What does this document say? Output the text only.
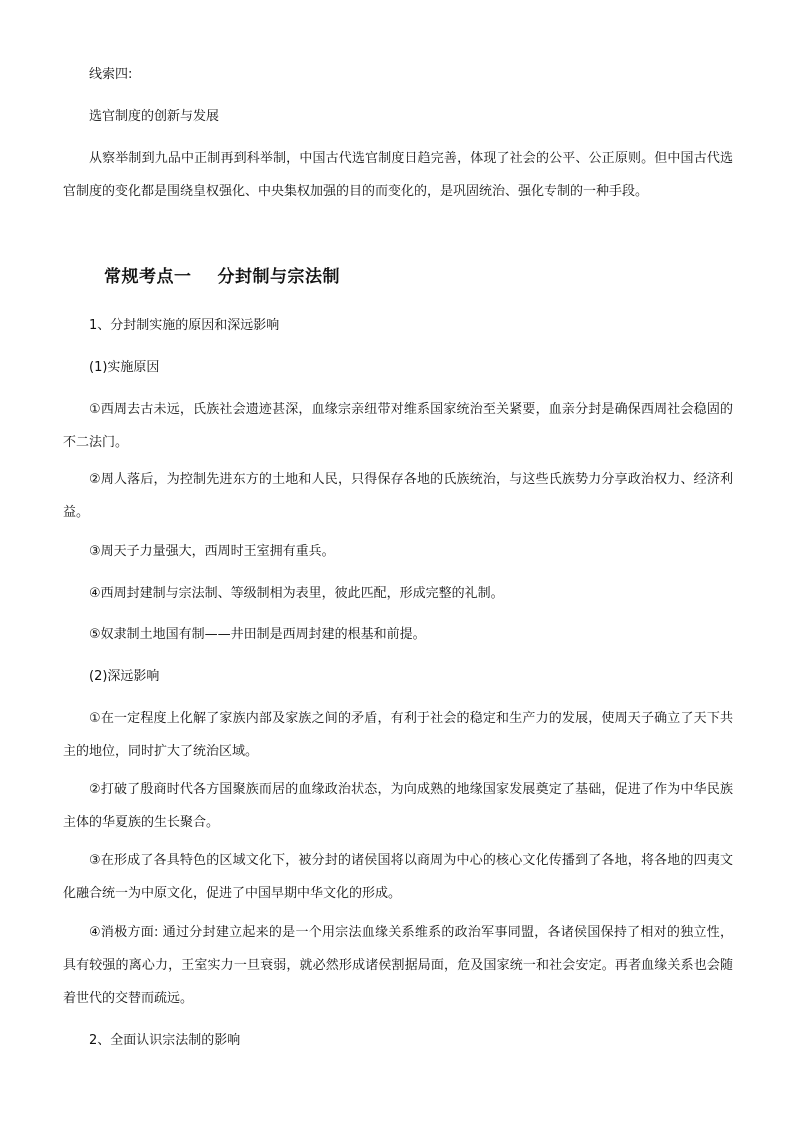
线索四:

选官制度的创新与发展

从察举制到九品中正制再到科举制，中国古代选官制度日趋完善，体现了社会的公平、公正原则。但中国古代选官制度的变化都是围绕皇权强化、中央集权加强的目的而变化的，是巩固统治、强化专制的一种手段。

常规考点一 分封制与宗法制

1、分封制实施的原因和深远影响

(1)实施原因

①西周去古未远，氏族社会遗迹甚深，血缘宗亲纽带对维系国家统治至关紧要，血亲分封是确保西周社会稳固的不二法门。

②周人落后，为控制先进东方的土地和人民，只得保存各地的氏族统治，与这些氏族势力分享政治权力、经济利益。

③周天子力量强大，西周时王室拥有重兵。

④西周封建制与宗法制、等级制相为表里，彼此匹配，形成完整的礼制。

⑤奴隶制土地国有制——井田制是西周封建的根基和前提。

(2)深远影响

①在一定程度上化解了家族内部及家族之间的矛盾，有利于社会的稳定和生产力的发展，使周天子确立了天下共主的地位，同时扩大了统治区域。

②打破了殷商时代各方国聚族而居的血缘政治状态，为向成熟的地缘国家发展奠定了基础，促进了作为中华民族主体的华夏族的生长聚合。

③在形成了各具特色的区域文化下，被分封的诸侯国将以商周为中心的核心文化传播到了各地，将各地的四夷文化融合统一为中原文化，促进了中国早期中华文化的形成。

④消极方面: 通过分封建立起来的是一个用宗法血缘关系维系的政治军事同盟，各诸侯国保持了相对的独立性，具有较强的离心力，王室实力一旦衰弱，就必然形成诸侯割据局面，危及国家统一和社会安定。再者血缘关系也会随着世代的交替而疏远。

2、全面认识宗法制的影响
